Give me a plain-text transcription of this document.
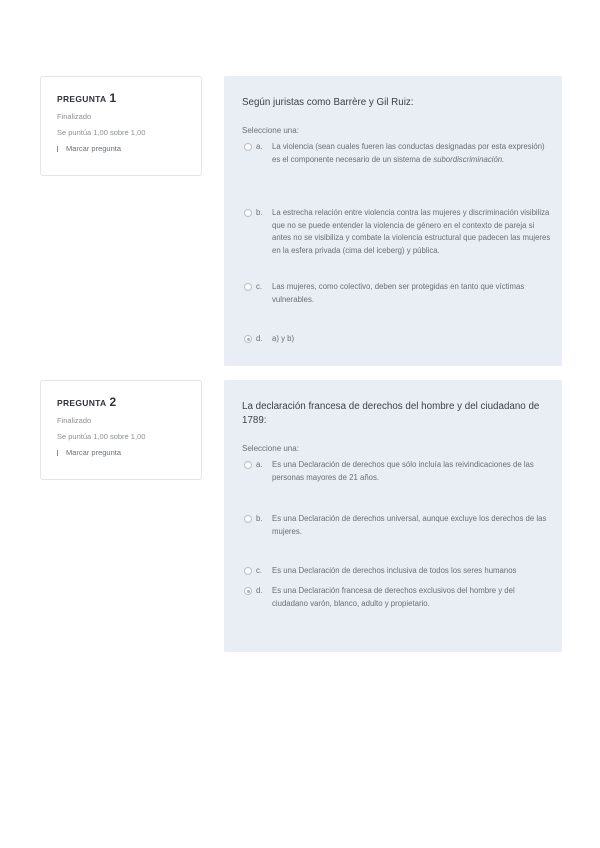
PREGUNTA 1
Finalizado
Se puntúa 1,00 sobre 1,00
Marcar pregunta
Según juristas como Barrère y Gil Ruiz:
Seleccione una:
a. La violencia (sean cuales fueren las conductas designadas por esta expresión) es el componente necesario de un sistema de subordiscriminación.
b. La estrecha relación entre violencia contra las mujeres y discriminación visibiliza que no se puede entender la violencia de género en el contexto de pareja si antes no se visibiliza y combate la violencia estructural que padecen las mujeres en la esfera privada (cima del iceberg) y pública.
c. Las mujeres, como colectivo, deben ser protegidas en tanto que víctimas vulnerables.
d. a) y b)
PREGUNTA 2
Finalizado
Se puntúa 1,00 sobre 1,00
Marcar pregunta
La declaración francesa de derechos del hombre y del ciudadano de 1789:
Seleccione una:
a. Es una Declaración de derechos que sólo incluía las reivindicaciones de las personas mayores de 21 años.
b. Es una Declaración de derechos universal, aunque excluye los derechos de las mujeres.
c. Es una Declaración de derechos inclusiva de todos los seres humanos
d. Es una Declaración francesa de derechos exclusivos del hombre y del ciudadano varón, blanco, adulto y propietario.
